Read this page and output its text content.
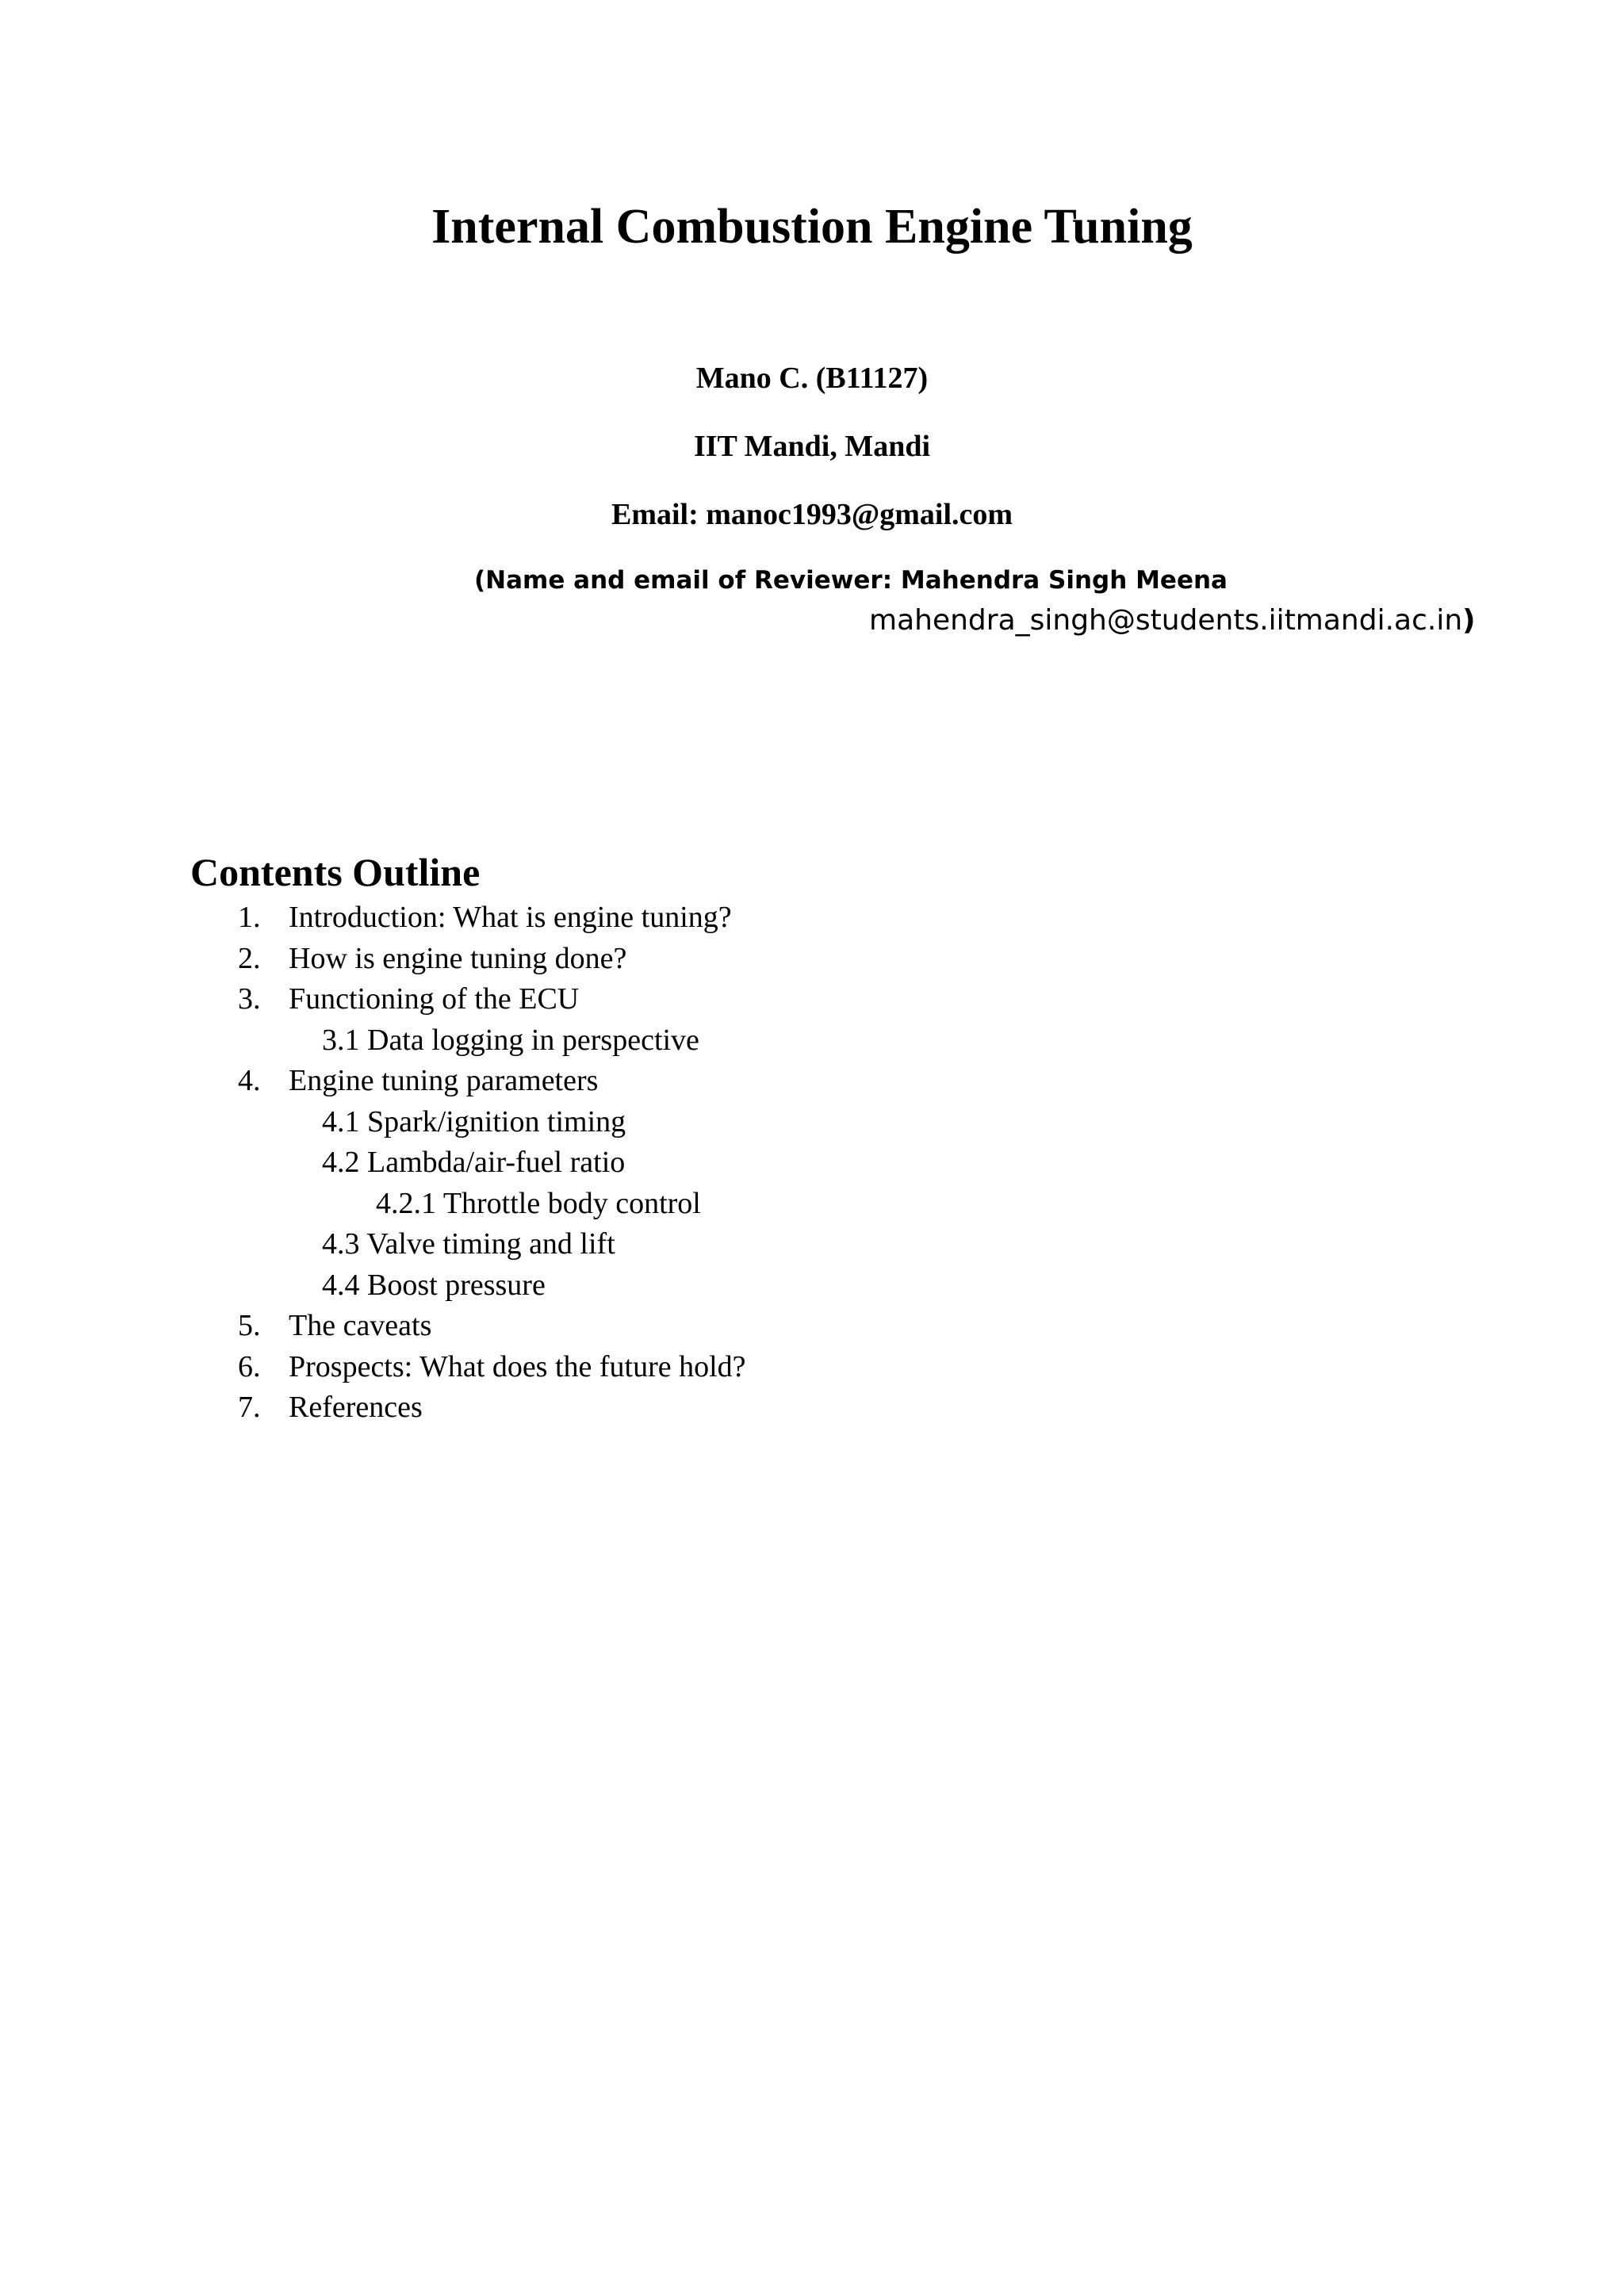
Internal Combustion Engine Tuning

Mano C. (B11127)

IIT Mandi, Mandi

Email: manoc1993@gmail.com

(Name and email of Reviewer: Mahendra Singh Meena

mahendra_singh@students.iitmandi.ac.in)

Contents Outline
1. Introduction: What is engine tuning?
2. How is engine tuning done?
3. Functioning of the ECU
3.1 Data logging in perspective
4. Engine tuning parameters
4.1 Spark/ignition timing
4.2 Lambda/air-fuel ratio
4.2.1 Throttle body control
4.3 Valve timing and lift
4.4 Boost pressure
5. The caveats
6. Prospects: What does the future hold?
7. References
